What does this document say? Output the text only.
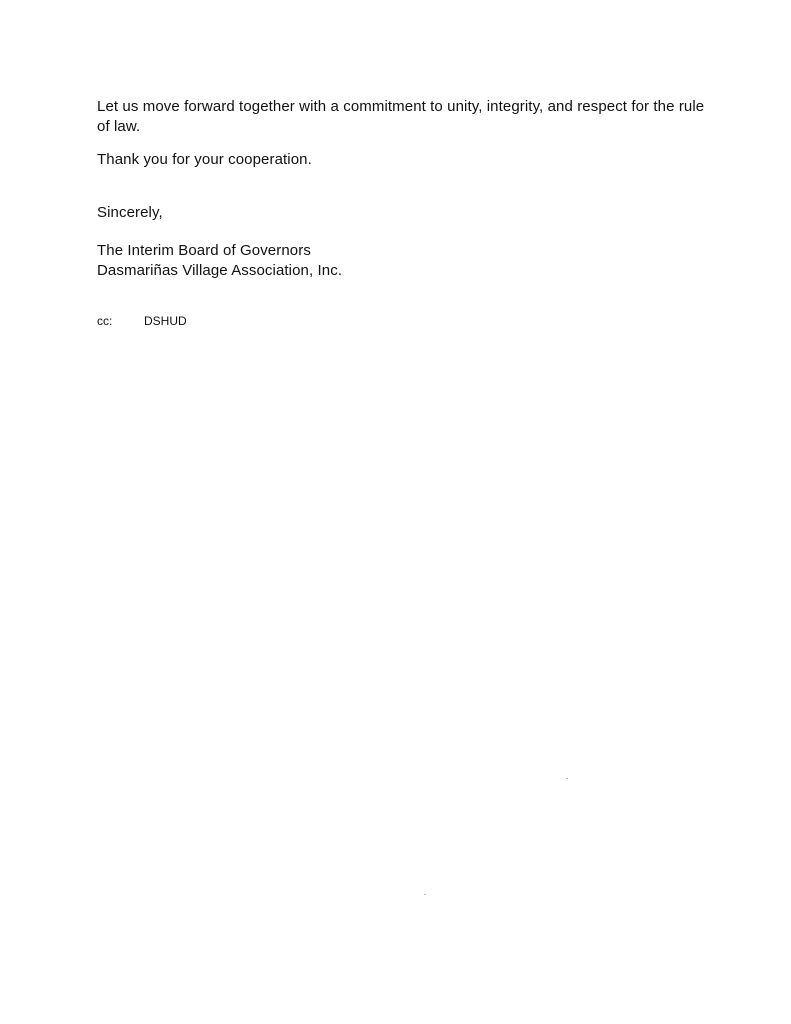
Let us move forward together with a commitment to unity, integrity, and respect for the rule of law.
Thank you for your cooperation.
Sincerely,
The Interim Board of Governors
Dasmariñas Village Association, Inc.
cc:	DSHUD
